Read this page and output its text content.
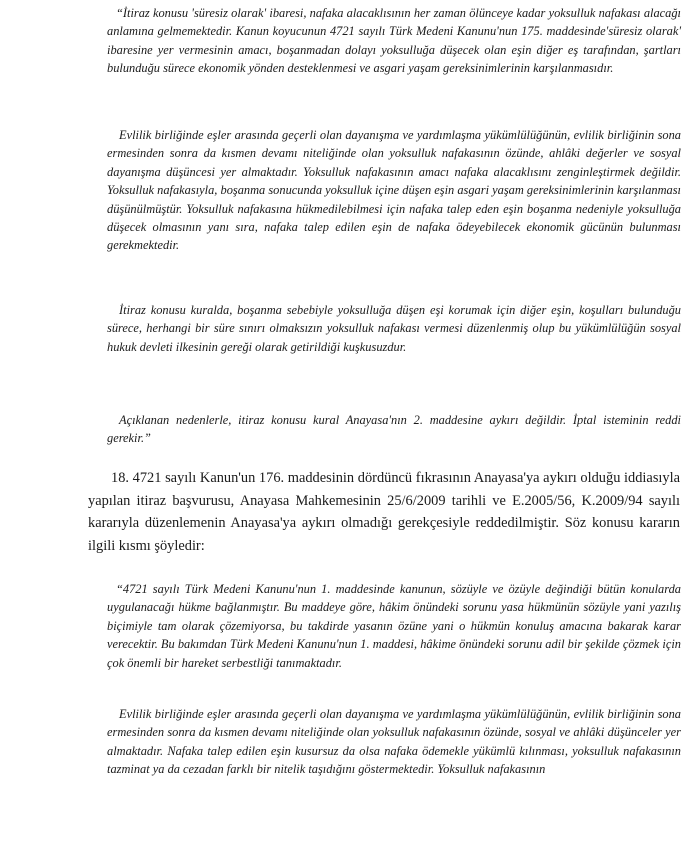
“İtiraz konusu 'süresiz olarak' ibaresi, nafaka alacaklısının her zaman ölünceye kadar yoksulluk nafakası alacağı anlamına gelmemektedir. Kanun koyucunun 4721 sayılı Türk Medeni Kanunu'nun 175. maddesinde'süresiz olarak' ibaresine yer vermesinin amacı, boşanmadan dolayı yoksulluğa düşecek olan eşin diğer eş tarafından, şartları bulunduğu sürece ekonomik yönden desteklenmesi ve asgari yaşam gereksinimlerinin karşılanmasıdır.

Evlilik birliğinde eşler arasında geçerli olan dayanışma ve yardımlaşma yükümlülüğünün, evlilik birliğinin sona ermesinden sonra da kısmen devamı niteliğinde olan yoksulluk nafakasının özünde, ahlâki değerler ve sosyal dayanışma düşüncesi yer almaktadır. Yoksulluk nafakasının amacı nafaka alacaklısını zenginleştirmek değildir. Yoksulluk nafakasıyla, boşanma sonucunda yoksulluk içine düşen eşin asgari yaşam gereksinimlerinin karşılanması düşünülmüştür. Yoksulluk nafakasına hükmedilebilmesi için nafaka talep eden eşin boşanma nedeniyle yoksulluğa düşecek olmasının yanı sıra, nafaka talep edilen eşin de nafaka ödeyebilecek ekonomik gücünün bulunması gerekmektedir.

İtiraz konusu kuralda, boşanma sebebiyle yoksulluğa düşen eşi korumak için diğer eşin, koşulları bulunduğu sürece, herhangi bir süre sınırı olmaksızın yoksulluk nafakası vermesi düzenlenmiş olup bu yükümlülüğün sosyal hukuk devleti ilkesinin gereği olarak getirildiği kuşkusuzdur.

Açıklanan nedenlerle, itiraz konusu kural Anayasa'nın 2. maddesine aykırı değildir. İptal isteminin reddi gerekir.”

18. 4721 sayılı Kanun'un 176. maddesinin dördüncü fıkrasının Anayasa'ya aykırı olduğu iddiasıyla yapılan itiraz başvurusu, Anayasa Mahkemesinin 25/6/2009 tarihli ve E.2005/56, K.2009/94 sayılı kararıyla düzenlemenin Anayasa'ya aykırı olmadığı gerekçesiyle reddedilmiştir. Söz konusu kararın ilgili kısmı şöyledir:

“4721 sayılı Türk Medeni Kanunu'nun 1. maddesinde kanunun, sözüyle ve özüyle değindiği bütün konularda uygulanacağı hükme bağlanmıştır. Bu maddeye göre, hâkim önündeki sorunu yasa hükmünün sözüyle yani yazılış biçimiyle tam olarak çözemiyorsa, bu takdirde yasanın özüne yani o hükmün konuluş amacına bakarak karar verecektir. Bu bakımdan Türk Medeni Kanunu'nun 1. maddesi, hâkime önündeki sorunu adil bir şekilde çözmek için çok önemli bir hareket serbestliği tanımaktadır.

Evlilik birliğinde eşler arasında geçerli olan dayanışma ve yardımlaşma yükümlülüğünün, evlilik birliğinin sona ermesinden sonra da kısmen devamı niteliğinde olan yoksulluk nafakasının özünde, sosyal ve ahlâki düşünceler yer almaktadır. Nafaka talep edilen eşin kusursuz da olsa nafaka ödemekle yükümlü kılınması, yoksulluk nafakasının tazminat ya da cezadan farklı bir nitelik taşıdığını göstermektedir. Yoksulluk nafakasının
